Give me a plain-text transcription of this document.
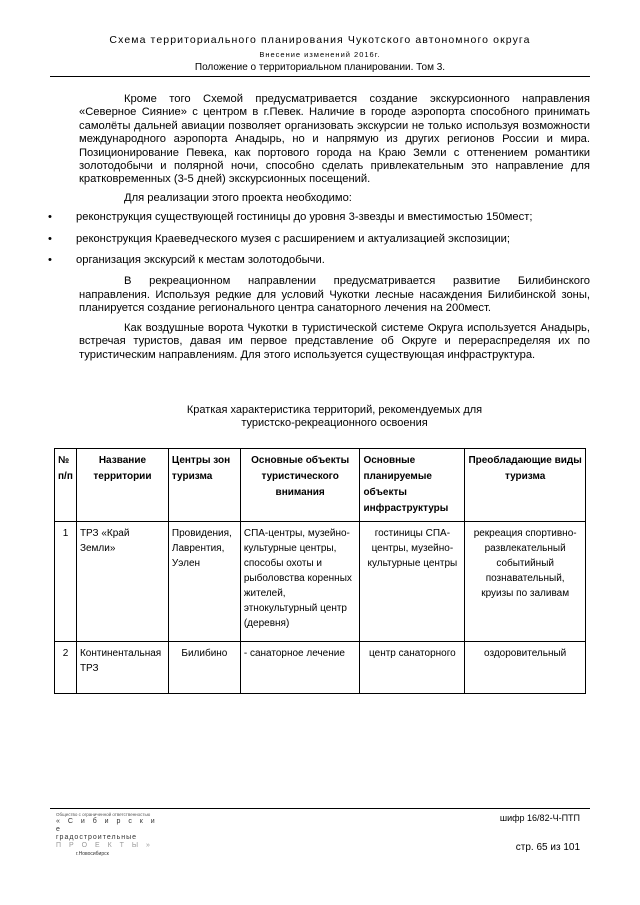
Схема территориального планирования Чукотского автономного округа
Внесение изменений 2016г.
Положение о территориальном планировании. Том 3.

Кроме того Схемой предусматривается создание экскурсионного направления «Северное Сияние» с центром в г.Певек. Наличие в городе аэропорта способного принимать самолёты дальней авиации позволяет организовать экскурсии не только используя возможности международного аэропорта Анадырь, но и напрямую из других регионов России и мира. Позиционирование Певека, как портового города на Краю Земли с оттенением романтики золотодобычи и полярной ночи, способно сделать привлекательным это направление для кратковременных (3-5 дней) экскурсионных посещений.

Для реализации этого проекта необходимо:

•	реконструкция существующей гостиницы до уровня 3-звезды и вместимостью 150мест;

•	реконструкция Краеведческого музея с расширением и актуализацией экспозиции;

•	организация экскурсий к местам золотодобычи.

В рекреационном направлении предусматривается развитие Билибинского направления. Используя редкие для условий Чукотки лесные насаждения Билибинской зоны, планируется создание регионального центра санаторного лечения на 200мест.

Как воздушные ворота Чукотки в туристической системе Округа используется Анадырь, встречая туристов, давая им первое представление об Округе и перераспределяя их по туристическим направлениям. Для этого используется существующая инфраструктура.

Краткая характеристика территорий, рекомендуемых для
туристско-рекреационного освоения
№ п/п	Название территории	Центры зон туризма	Основные объекты туристического внимания	Основные планируемые объекты инфраструктуры	Преобладающие виды туризма
1	ТРЗ «Край Земли»	Провидения, Лаврентия, Уэлен	СПА-центры, музейно-культурные центры, способы охоты и рыболовства коренных жителей, этнокультурный центр (деревня)	гостиницы СПА-центры, музейно-культурные центры	рекреация спортивно-развлекательный событийный познавательный, круизы по заливам
2	Континентальная ТРЗ	Билибино	- санаторное лечение	центр санаторного	оздоровительный
Общество с ограниченной ответственностью
« С и б и р с к и е
градостроительные
П Р О Е К Т Ы »
г.Новосибирск
шифр 16/82-Ч-ПТП
стр. 65 из 101
